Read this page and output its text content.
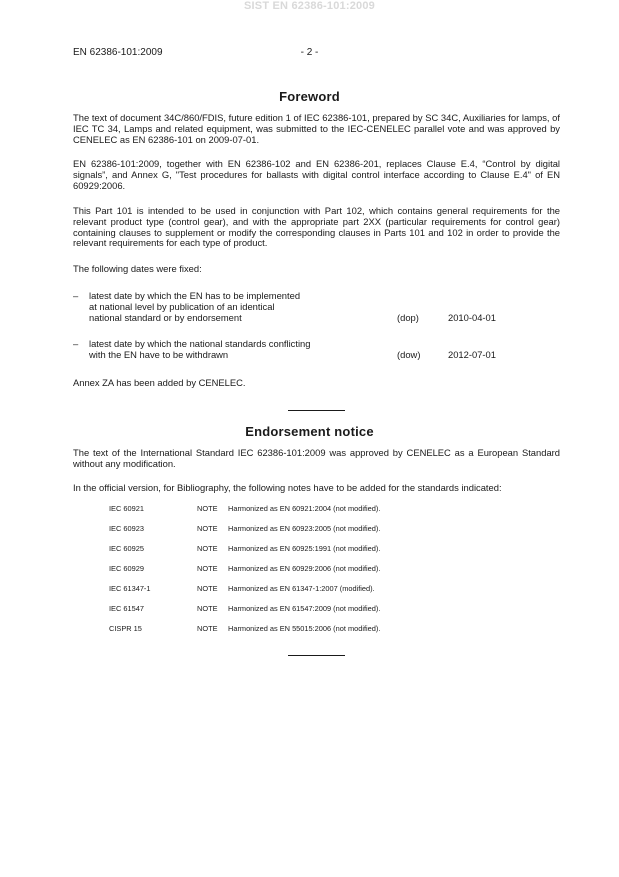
SIST EN 62386-101:2009
EN 62386-101:2009	- 2 -
Foreword
The text of document 34C/860/FDIS, future edition 1 of IEC 62386-101, prepared by SC 34C, Auxiliaries for lamps, of IEC TC 34, Lamps and related equipment, was submitted to the IEC-CENELEC parallel vote and was approved by CENELEC as EN 62386-101 on 2009-07-01.
EN 62386-101:2009, together with EN 62386-102 and EN 62386-201, replaces Clause E.4, “Control by digital signals”, and Annex G, "Test procedures for ballasts with digital control interface according to Clause E.4" of EN 60929:2006.
This Part 101 is intended to be used in conjunction with Part 102, which contains general requirements for the relevant product type (control gear), and with the appropriate part 2XX (particular requirements for control gear) containing clauses to supplement or modify the corresponding clauses in Parts 101 and 102 in order to provide the relevant requirements for each type of product.
The following dates were fixed:
– latest date by which the EN has to be implemented
at national level by publication of an identical
national standard or by endorsement	(dop)	2010-04-01
– latest date by which the national standards conflicting
with the EN have to be withdrawn	(dow)	2012-07-01
Annex ZA has been added by CENELEC.
Endorsement notice
The text of the International Standard IEC 62386-101:2009 was approved by CENELEC as a European Standard without any modification.
In the official version, for Bibliography, the following notes have to be added for the standards indicated:
IEC 60921	NOTE Harmonized as EN 60921:2004 (not modified).
IEC 60923	NOTE Harmonized as EN 60923:2005 (not modified).
IEC 60925	NOTE Harmonized as EN 60925:1991 (not modified).
IEC 60929	NOTE Harmonized as EN 60929:2006 (not modified).
IEC 61347-1	NOTE Harmonized as EN 61347-1:2007 (modified).
IEC 61547	NOTE Harmonized as EN 61547:2009 (not modified).
CISPR 15	NOTE Harmonized as EN 55015:2006 (not modified).
